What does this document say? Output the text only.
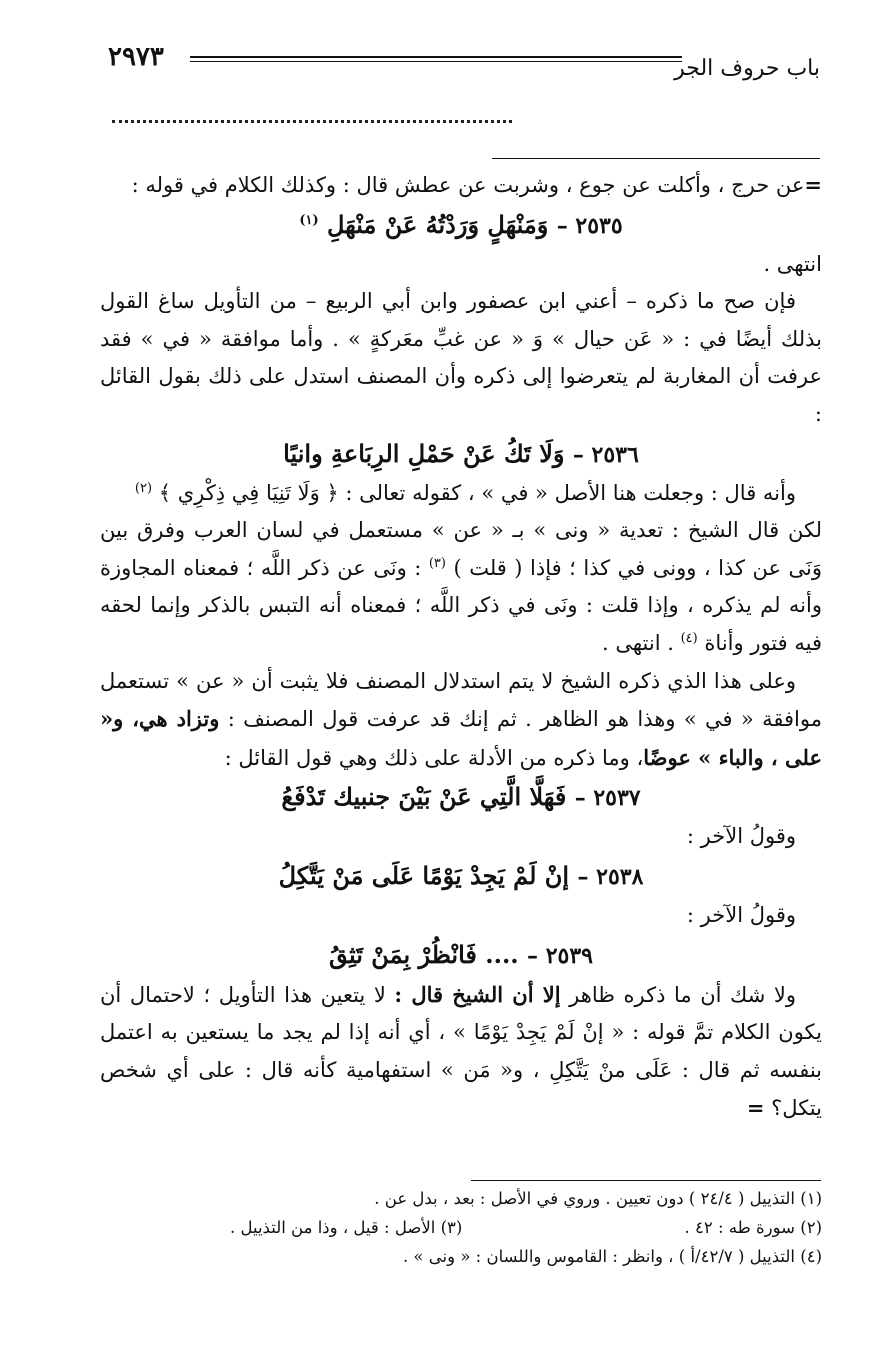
٢٩٧٣	باب حروف الجر

=عن حرج ، وأكلت عن جوع ، وشربت عن عطش قال : وكذلك الكلام في قوله :

٢٥٣٥ – وَمَنْهَلٍ وَرَدْتُهُ عَنْ مَنْهَلِ $^{(١)}$

انتهى .

فإن صح ما ذكره – أعني ابن عصفور وابن أبي الربيع – من التأويل ساغ القول بذلك أيضًا في : « عَن حيال » وَ « عن غبِّ معَركةٍ » . وأما موافقة « في » فقد عرفت أن المغاربة لم يتعرضوا إلى ذكره وأن المصنف استدل على ذلك بقول القائل :

٢٥٣٦ – وَلَا تَكُ عَنْ حَمْلِ الرِبَاعةِ وانيًا

وأنه قال : وجعلت هنا الأصل « في » ، كقوله تعالى : ﴿ وَلَا تَنِيَا فِي ذِكْرِي ﴾ $^{(٢)}$

لكن قال الشيخ : تعدية « ونى » بـ « عن » مستعمل في لسان العرب وفرق بين وَنَى عن كذا ، وونى في كذا ؛ فإذا ( قلت ) $^{(٣)}$ : ونَى عن ذكر اللَّه ؛ فمعناه المجاوزة وأنه لم يذكره ، وإذا قلت : ونَى في ذكر اللَّه ؛ فمعناه أنه التبس بالذكر وإنما لحقه فيه فتور وأناة $^{(٤)}$ . انتهى .

وعلى هذا الذي ذكره الشيخ لا يتم استدلال المصنف فلا يثبت أن « عن » تستعمل موافقة « في » وهذا هو الظاهر . ثم إنك قد عرفت قول المصنف : وتزاد هي، و« على ، والباء » عوضًا، وما ذكره من الأدلة على ذلك وهي قول القائل :

٢٥٣٧ – فَهَلَّا الَّتِي عَنْ بَيْنَ جنبيك تَدْفَعُ

وقولُ الآخر :

٢٥٣٨ – إنْ لَمْ يَجِدْ يَوْمًا عَلَى مَنْ يَتَّكِلُ

وقولُ الآخر :

٢٥٣٩ – .... فَانْظُرْ بِمَنْ تَثِقُ

ولا شك أن ما ذكره ظاهر إلا أن الشيخ قال : لا يتعين هذا التأويل ؛ لاحتمال أن يكون الكلام تمَّ قوله : « إنْ لَمْ يَجِدْ يَوْمًا » ، أي أنه إذا لم يجد ما يستعين به اعتمل بنفسه ثم قال : عَلَى منْ يَتَّكِلِ ، و« مَن » استفهامية كأنه قال : على أي شخص يتكل؟ =

(١) التذييل ( ٢٤/٤ ) دون تعيين . وروي في الأصل : بعد ، بدل عن .
(٢) سورة طه : ٤٢ .
(٣) الأصل : قيل ، وذا من التذييل .
(٤) التذييل ( ٤٢/٧/أ ) ، وانظر : القاموس واللسان : « ونى » .
